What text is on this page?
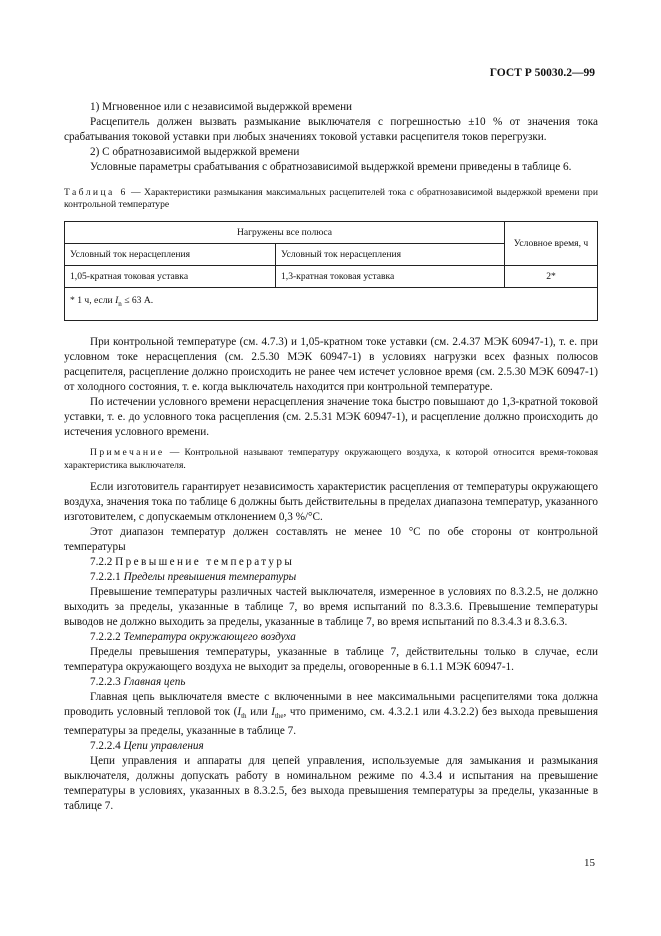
ГОСТ Р 50030.2—99

1) Мгновенное или с независимой выдержкой времени

Расцепитель должен вызвать размыкание выключателя с погрешностью ±10 % от значения тока срабатывания токовой уставки при любых значениях токовой уставки расцепителя токов перегрузки.

2) С обратнозависимой выдержкой времени

Условные параметры срабатывания с обратнозависимой выдержкой времени приведены в таблице 6.

Таблица 6 — Характеристики размыкания максимальных расцепителей тока с обратнозависимой выдержкой времени при контрольной температуре

Нагружены все полюса		Условное время, ч
Условный ток нерасцепления	Условный ток нерасцепления	
1,05-кратная токовая уставка	1,3-кратная токовая уставка	2*
* 1 ч, если $I_n \le 63$ А.		

При контрольной температуре (см. 4.7.3) и 1,05-кратном токе уставки (см. 2.4.37 МЭК 60947-1), т. е. при условном токе нерасцепления (см. 2.5.30 МЭК 60947-1) в условиях нагрузки всех фазных полюсов расцепителя, расцепление должно происходить не ранее чем истечет условное время (см. 2.5.30 МЭК 60947-1) от холодного состояния, т. е. когда выключатель находится при контрольной температуре.

По истечении условного времени нерасцепления значение тока быстро повышают до 1,3-кратной токовой уставки, т. е. до условного тока расцепления (см. 2.5.31 МЭК 60947-1), и расцепление должно происходить до истечения условного времени.

Примечание — Контрольной называют температуру окружающего воздуха, к которой относится время-токовая характеристика выключателя.

Если изготовитель гарантирует независимость характеристик расцепления от температуры окружающего воздуха, значения тока по таблице 6 должны быть действительны в пределах диапазона температур, указанного изготовителем, с допускаемым отклонением 0,3 %/°С.

Этот диапазон температур должен составлять не менее 10 °С по обе стороны от контрольной температуры

7.2.2 Превышение температуры

7.2.2.1 Пределы превышения температуры

Превышение температуры различных частей выключателя, измеренное в условиях по 8.3.2.5, не должно выходить за пределы, указанные в таблице 7, во время испытаний по 8.3.3.6. Превышение температуры выводов не должно выходить за пределы, указанные в таблице 7, во время испытаний по 8.3.4.3 и 8.3.6.3.

7.2.2.2 Температура окружающего воздуха

Пределы превышения температуры, указанные в таблице 7, действительны только в случае, если температура окружающего воздуха не выходит за пределы, оговоренные в 6.1.1 МЭК 60947-1.

7.2.2.3 Главная цепь

Главная цепь выключателя вместе с включенными в нее максимальными расцепителями тока должна проводить условный тепловой ток ($I_{th}$ или $I_{the}$, что применимо, см. 4.3.2.1 или 4.3.2.2) без выхода превышения температуры за пределы, указанные в таблице 7.

7.2.2.4 Цепи управления

Цепи управления и аппараты для цепей управления, используемые для замыкания и размыкания выключателя, должны допускать работу в номинальном режиме по 4.3.4 и испытания на превышение температуры в условиях, указанных в 8.3.2.5, без выхода превышения температуры за пределы, указанные в таблице 7.

15
